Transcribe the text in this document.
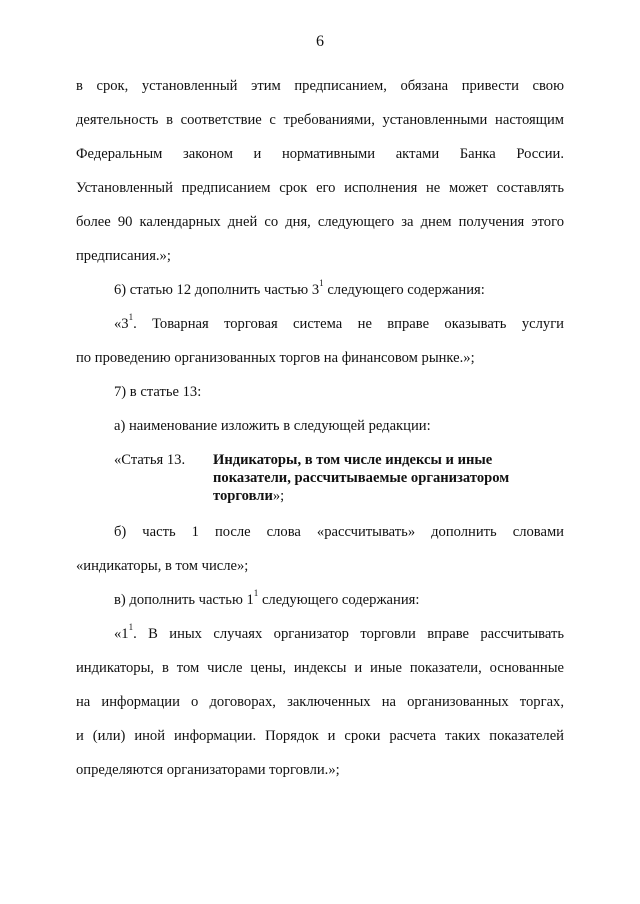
6
в срок, установленный этим предписанием, обязана привести свою
деятельность в соответствие с требованиями, установленными настоящим
Федеральным законом и нормативными актами Банка России.
Установленный предписанием срок его исполнения не может составлять
более 90 календарных дней со дня, следующего за днем получения этого
предписания.»;
6) статью 12 дополнить частью $3^1$ следующего содержания:
«$3^1$. Товарная торговая система не вправе оказывать услуги
по проведению организованных торгов на финансовом рынке.»;
7) в статье 13:
а) наименование изложить в следующей редакции:
«Статья 13.	Индикаторы, в том числе индексы и иные показатели, рассчитываемые организатором торговли»;
б) часть 1 после слова «рассчитывать» дополнить словами
«индикаторы, в том числе»;
в) дополнить частью $1^1$ следующего содержания:
«$1^1$. В иных случаях организатор торговли вправе рассчитывать
индикаторы, в том числе цены, индексы и иные показатели, основанные
на информации о договорах, заключенных на организованных торгах,
и (или) иной информации. Порядок и сроки расчета таких показателей
определяются организаторами торговли.»;
